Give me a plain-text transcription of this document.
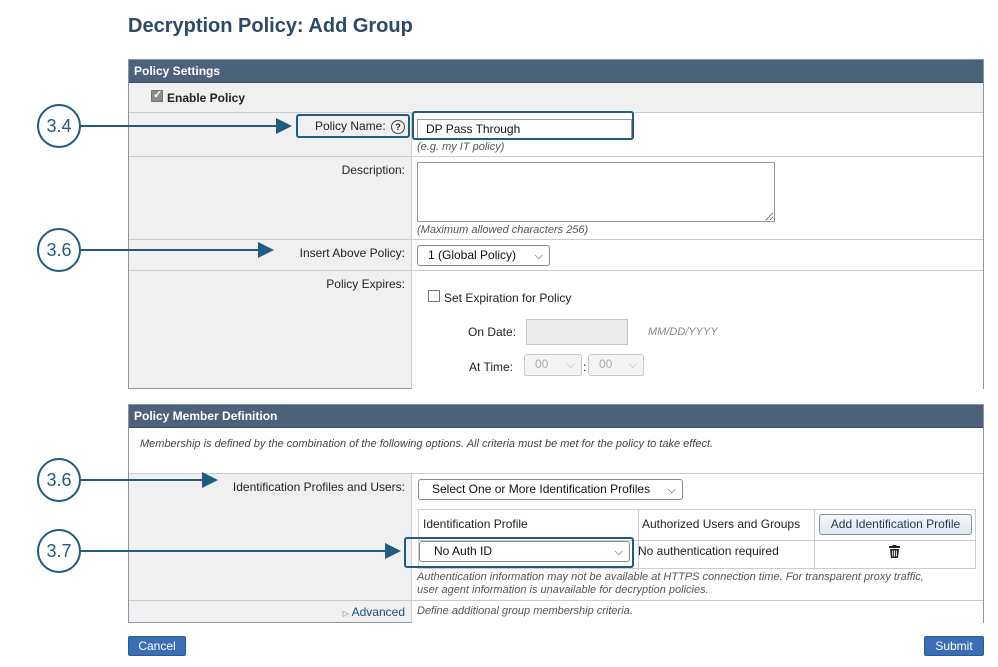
Decryption Policy: Add Group
Policy Settings
✓
Enable Policy
Policy Name: ?
DP Pass Through
(e.g. my IT policy)
Description:
(Maximum allowed characters 256)
Insert Above Policy:	1 (Global Policy) ⌵
Policy Expires:
Set Expiration for Policy
On Date:	MM/DD/YYYY
At Time:	00 ⌵ :	00 ⌵
Policy Member Definition
Membership is defined by the combination of the following options. All criteria must be met for the policy to take effect.
Identification Profiles and Users:	Select One or More Identification Profiles ⌵
Identification Profile	Authorized Users and Groups	Add Identification Profile
No Auth ID	⌵ No authentication required
Authentication information may not be available at HTTPS connection time. For transparent proxy traffic, user agent information is unavailable for decryption policies.
▷ Advanced Define additional group membership criteria.
Cancel	Submit
3.4
3.6
3.6
3.7
